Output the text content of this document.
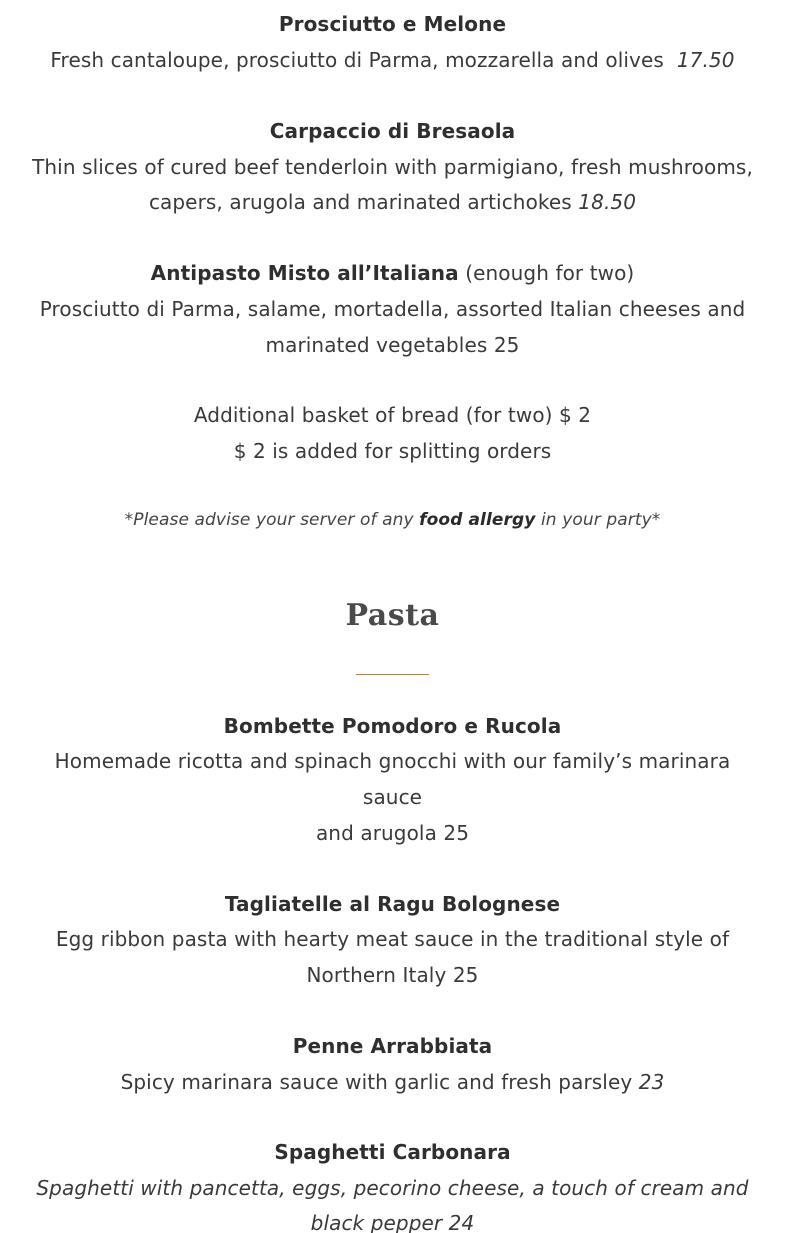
Prosciutto e Melone
Fresh cantaloupe, prosciutto di Parma, mozzarella and olives 17.50
Carpaccio di Bresaola
Thin slices of cured beef tenderloin with parmigiano, fresh mushrooms,
capers, arugola and marinated artichokes 18.50
Antipasto Misto all’Italiana (enough for two)
Prosciutto di Parma, salame, mortadella, assorted Italian cheeses and
marinated vegetables 25
Additional basket of bread (for two) $ 2
$ 2 is added for splitting orders
*Please advise your server of any food allergy in your party*
Pasta
Bombette Pomodoro e Rucola
Homemade ricotta and spinach gnocchi with our family’s marinara
sauce
and arugola 25
Tagliatelle al Ragu Bolognese
Egg ribbon pasta with hearty meat sauce in the traditional style of
Northern Italy 25
Penne Arrabbiata
Spicy marinara sauce with garlic and fresh parsley 23
Spaghetti Carbonara
Spaghetti with pancetta, eggs, pecorino cheese, a touch of cream and
black pepper 24
